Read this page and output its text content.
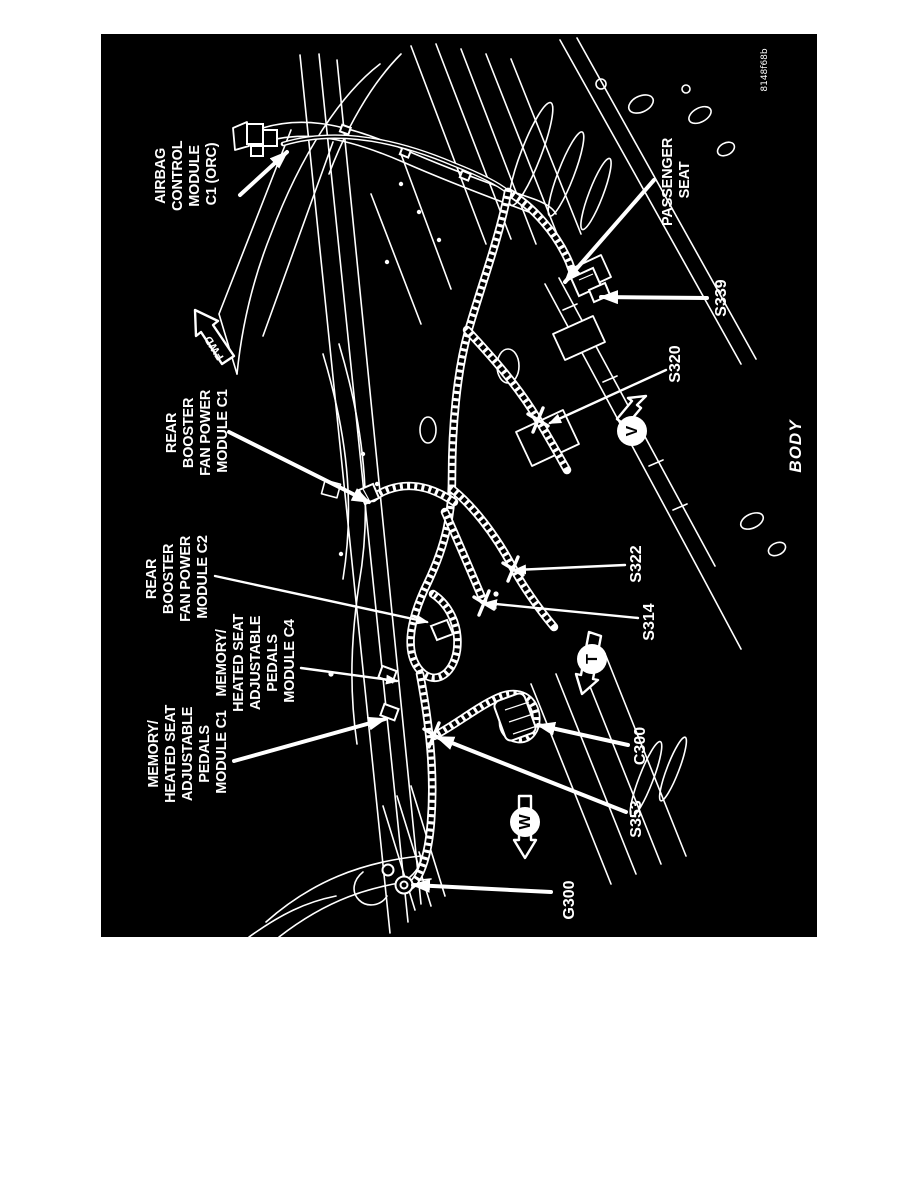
FWD
V
T
W
AIRBAG CONTROL MODULE C1 (ORC)	PASSENGER SEAT
S339
S320
REAR BOOSTER FAN POWER MODULE C1
REAR BOOSTER FAN POWER MODULE C2
MEMORY/ HEATED SEAT ADJUSTABLE PEDALS MODULE C4
MEMORY/ HEATED SEAT ADJUSTABLE PEDALS MODULE C1
S322
S314
C300
S353
G300
BODY
8148f68b
